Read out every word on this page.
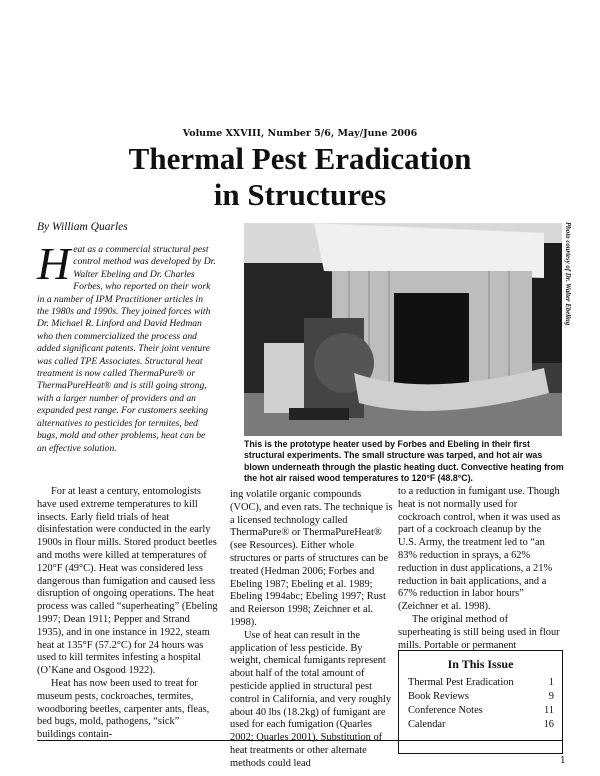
Volume XXVIII, Number 5/6, May/June 2006
Thermal Pest Eradication
in Structures
By William Quarles
Heat as a commercial structural pest control method was developed by Dr. Walter Ebeling and Dr. Charles Forbes, who reported on their work in a number of IPM Practitioner articles in the 1980s and 1990s. They joined forces with Dr. Michael R. Linford and David Hedman who then commercialized the process and added significant patents. Their joint venture was called TPE Associates. Structural heat treatment is now called ThermaPure® or ThermaPureHeat® and is still going strong, with a larger number of providers and an expanded pest range. For customers seeking alternatives to pesticides for termites, bed bugs, mold and other problems, heat can be an effective solution.
Photo courtesy of Dr. Walter Ebeling
This is the prototype heater used by Forbes and Ebeling in their first structural experiments. The small structure was tarped, and hot air was blown underneath through the plastic heating duct. Convective heating from the hot air raised wood temperatures to 120°F (48.8°C).

For at least a century, entomologists have used extreme temperatures to kill insects. Early field trials of heat disinfestation were conducted in the early 1900s in flour mills. Stored product beetles and moths were killed at temperatures of 120°F (49°C). Heat was considered less dangerous than fumigation and caused less disruption of ongoing operations. The heat process was called “superheating” (Ebeling 1997; Dean 1911; Pepper and Strand 1935), and in one instance in 1922, steam heat at 135°F (57.2°C) for 24 hours was used to kill termites infesting a hospital (O’Kane and Osgood 1922).

Heat has now been used to treat for museum pests, cockroaches, termites, woodboring beetles, carpenter ants, fleas, bed bugs, mold, pathogens, “sick” buildings contain-

ing volatile organic compounds (VOC), and even rats. The technique is a licensed technology called ThermaPure® or ThermaPureHeat® (see Resources). Either whole structures or parts of structures can be treated (Hedman 2006; Forbes and Ebeling 1987; Ebeling et al. 1989; Ebeling 1994abc; Ebeling 1997; Rust and Reierson 1998; Zeichner et al. 1998).

Use of heat can result in the application of less pesticide. By weight, chemical fumigants represent about half of the total amount of pesticide applied in structural pest control in California, and very roughly about 40 lbs (18.2kg) of fumigant are used for each fumigation (Quarles 2002; Quarles 2001). Substitution of heat treatments or other alternate methods could lead

to a reduction in fumigant use. Though heat is not normally used for cockroach control, when it was used as part of a cockroach cleanup by the U.S. Army, the treatment led to “an 83% reduction in sprays, a 62% reduction in dust applications, a 21% reduction in bait applications, and a 67% reduction in labor hours” (Zeichner et al. 1998).

The original method of superheating is still being used in flour mills. Portable or permanent

In This Issue
Thermal Pest Eradication	1
Book Reviews	9
Conference Notes	11
Calendar	16
1
